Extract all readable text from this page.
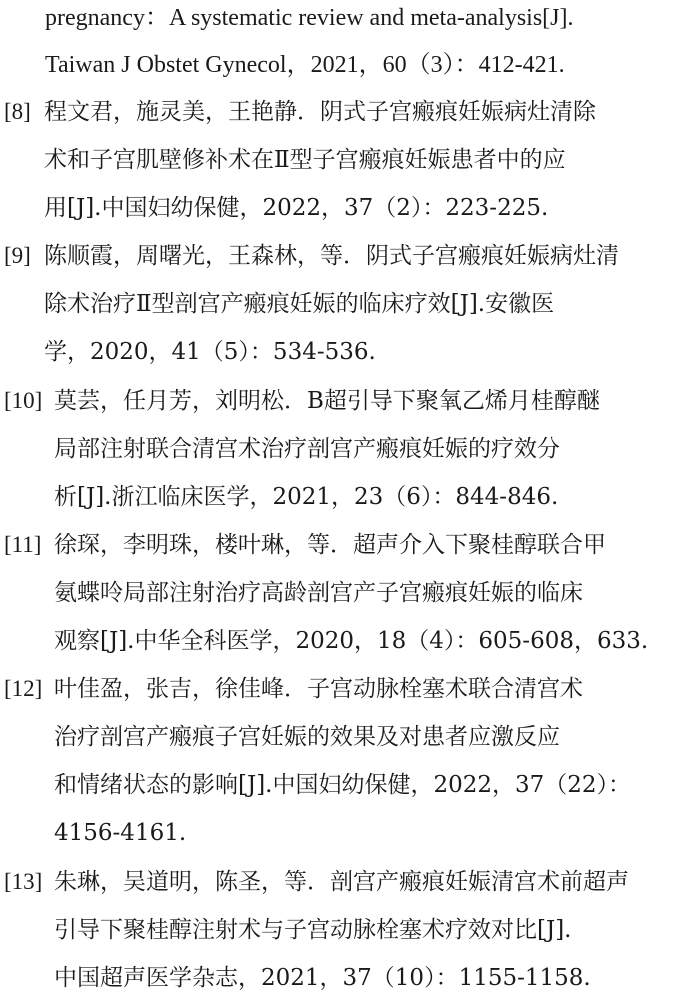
pregnancy：A systematic review and meta-analysis[J].
Taiwan J Obstet Gynecol，2021，60（3）：412-421.
[8] 程文君，施灵美，王艳静．阴式子宫瘢痕妊娠病灶清除
术和子宫肌壁修补术在Ⅱ型子宫瘢痕妊娠患者中的应
用[J].中国妇幼保健，2022，37（2）：223-225.
[9] 陈顺霞，周曙光，王森林，等．阴式子宫瘢痕妊娠病灶清
除术治疗Ⅱ型剖宫产瘢痕妊娠的临床疗效[J].安徽医
学，2020，41（5）：534-536.
[10] 莫芸，任月芳，刘明松．B超引导下聚氧乙烯月桂醇醚
局部注射联合清宫术治疗剖宫产瘢痕妊娠的疗效分
析[J].浙江临床医学，2021，23（6）：844-846.
[11] 徐琛，李明珠，楼叶琳，等．超声介入下聚桂醇联合甲
氨蝶呤局部注射治疗高龄剖宫产子宫瘢痕妊娠的临床
观察[J].中华全科医学，2020，18（4）：605-608，633.
[12] 叶佳盈，张吉，徐佳峰．子宫动脉栓塞术联合清宫术
治疗剖宫产瘢痕子宫妊娠的效果及对患者应激反应
和情绪状态的影响[J].中国妇幼保健，2022，37（22）：
4156-4161.
[13] 朱琳，吴道明，陈圣，等．剖宫产瘢痕妊娠清宫术前超声
引导下聚桂醇注射术与子宫动脉栓塞术疗效对比[J].
中国超声医学杂志，2021，37（10）：1155-1158.
